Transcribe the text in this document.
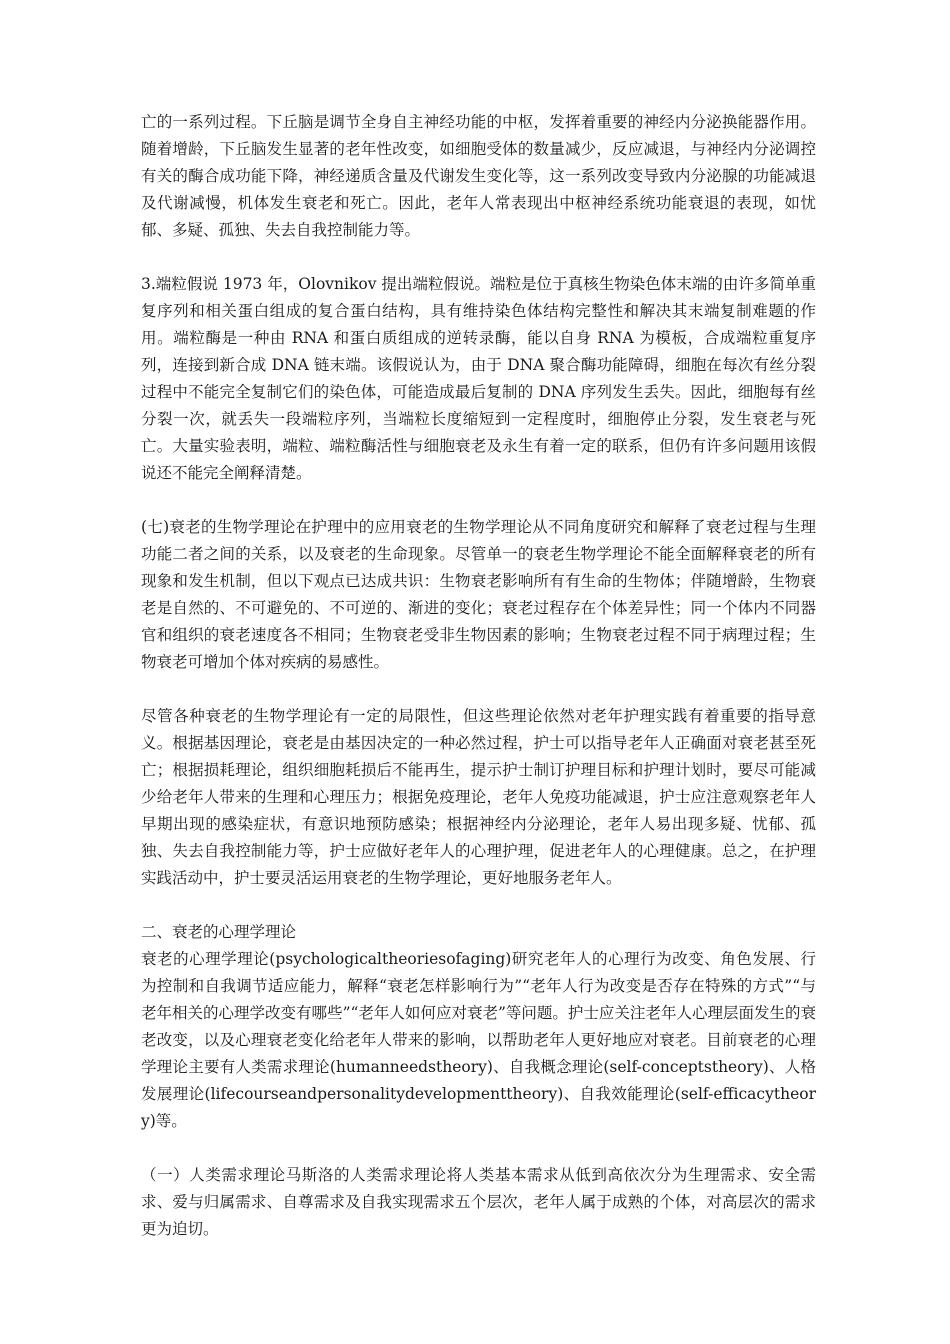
亡的一系列过程。下丘脑是调节全身自主神经功能的中枢，发挥着重要的神经内分泌换能器作用。随着增龄，下丘脑发生显著的老年性改变，如细胞受体的数量减少，反应减退，与神经内分泌调控有关的酶合成功能下降，神经递质含量及代谢发生变化等，这一系列改变导致内分泌腺的功能减退及代谢减慢，机体发生衰老和死亡。因此，老年人常表现出中枢神经系统功能衰退的表现，如忧郁、多疑、孤独、失去自我控制能力等。

3.端粒假说 1973 年，Olovnikov 提出端粒假说。端粒是位于真核生物染色体末端的由许多简单重复序列和相关蛋白组成的复合蛋白结构，具有维持染色体结构完整性和解决其末端复制难题的作用。端粒酶是一种由 RNA 和蛋白质组成的逆转录酶，能以自身 RNA 为模板，合成端粒重复序列，连接到新合成 DNA 链末端。该假说认为，由于 DNA 聚合酶功能障碍，细胞在每次有丝分裂过程中不能完全复制它们的染色体，可能造成最后复制的 DNA 序列发生丢失。因此，细胞每有丝分裂一次，就丢失一段端粒序列，当端粒长度缩短到一定程度时，细胞停止分裂，发生衰老与死亡。大量实验表明，端粒、端粒酶活性与细胞衰老及永生有着一定的联系，但仍有许多问题用该假说还不能完全阐释清楚。

(七)衰老的生物学理论在护理中的应用衰老的生物学理论从不同角度研究和解释了衰老过程与生理功能二者之间的关系，以及衰老的生命现象。尽管单一的衰老生物学理论不能全面解释衰老的所有现象和发生机制，但以下观点已达成共识：生物衰老影响所有有生命的生物体；伴随增龄，生物衰老是自然的、不可避免的、不可逆的、渐进的变化；衰老过程存在个体差异性；同一个体内不同器官和组织的衰老速度各不相同；生物衰老受非生物因素的影响；生物衰老过程不同于病理过程；生物衰老可增加个体对疾病的易感性。

尽管各种衰老的生物学理论有一定的局限性，但这些理论依然对老年护理实践有着重要的指导意义。根据基因理论，衰老是由基因决定的一种必然过程，护士可以指导老年人正确面对衰老甚至死亡；根据损耗理论，组织细胞耗损后不能再生，提示护士制订护理目标和护理计划时，要尽可能减少给老年人带来的生理和心理压力；根据免疫理论，老年人免疫功能减退，护士应注意观察老年人早期出现的感染症状，有意识地预防感染；根据神经内分泌理论，老年人易出现多疑、忧郁、孤独、失去自我控制能力等，护士应做好老年人的心理护理，促进老年人的心理健康。总之，在护理实践活动中，护士要灵活运用衰老的生物学理论，更好地服务老年人。

二、衰老的心理学理论

衰老的心理学理论(psychologicaltheoriesofaging)研究老年人的心理行为改变、角色发展、行为控制和自我调节适应能力，解释“衰老怎样影响行为”“老年人行为改变是否存在特殊的方式”“与老年相关的心理学改变有哪些”“老年人如何应对衰老”等问题。护士应关注老年人心理层面发生的衰老改变，以及心理衰老变化给老年人带来的影响，以帮助老年人更好地应对衰老。目前衰老的心理学理论主要有人类需求理论(humanneedstheory)、自我概念理论(self-conceptstheory)、人格发展理论(lifecourseandpersonalitydevelopmenttheory)、自我效能理论(self-efficacytheory)等。

（一）人类需求理论马斯洛的人类需求理论将人类基本需求从低到高依次分为生理需求、安全需求、爱与归属需求、自尊需求及自我实现需求五个层次，老年人属于成熟的个体，对高层次的需求更为迫切。
